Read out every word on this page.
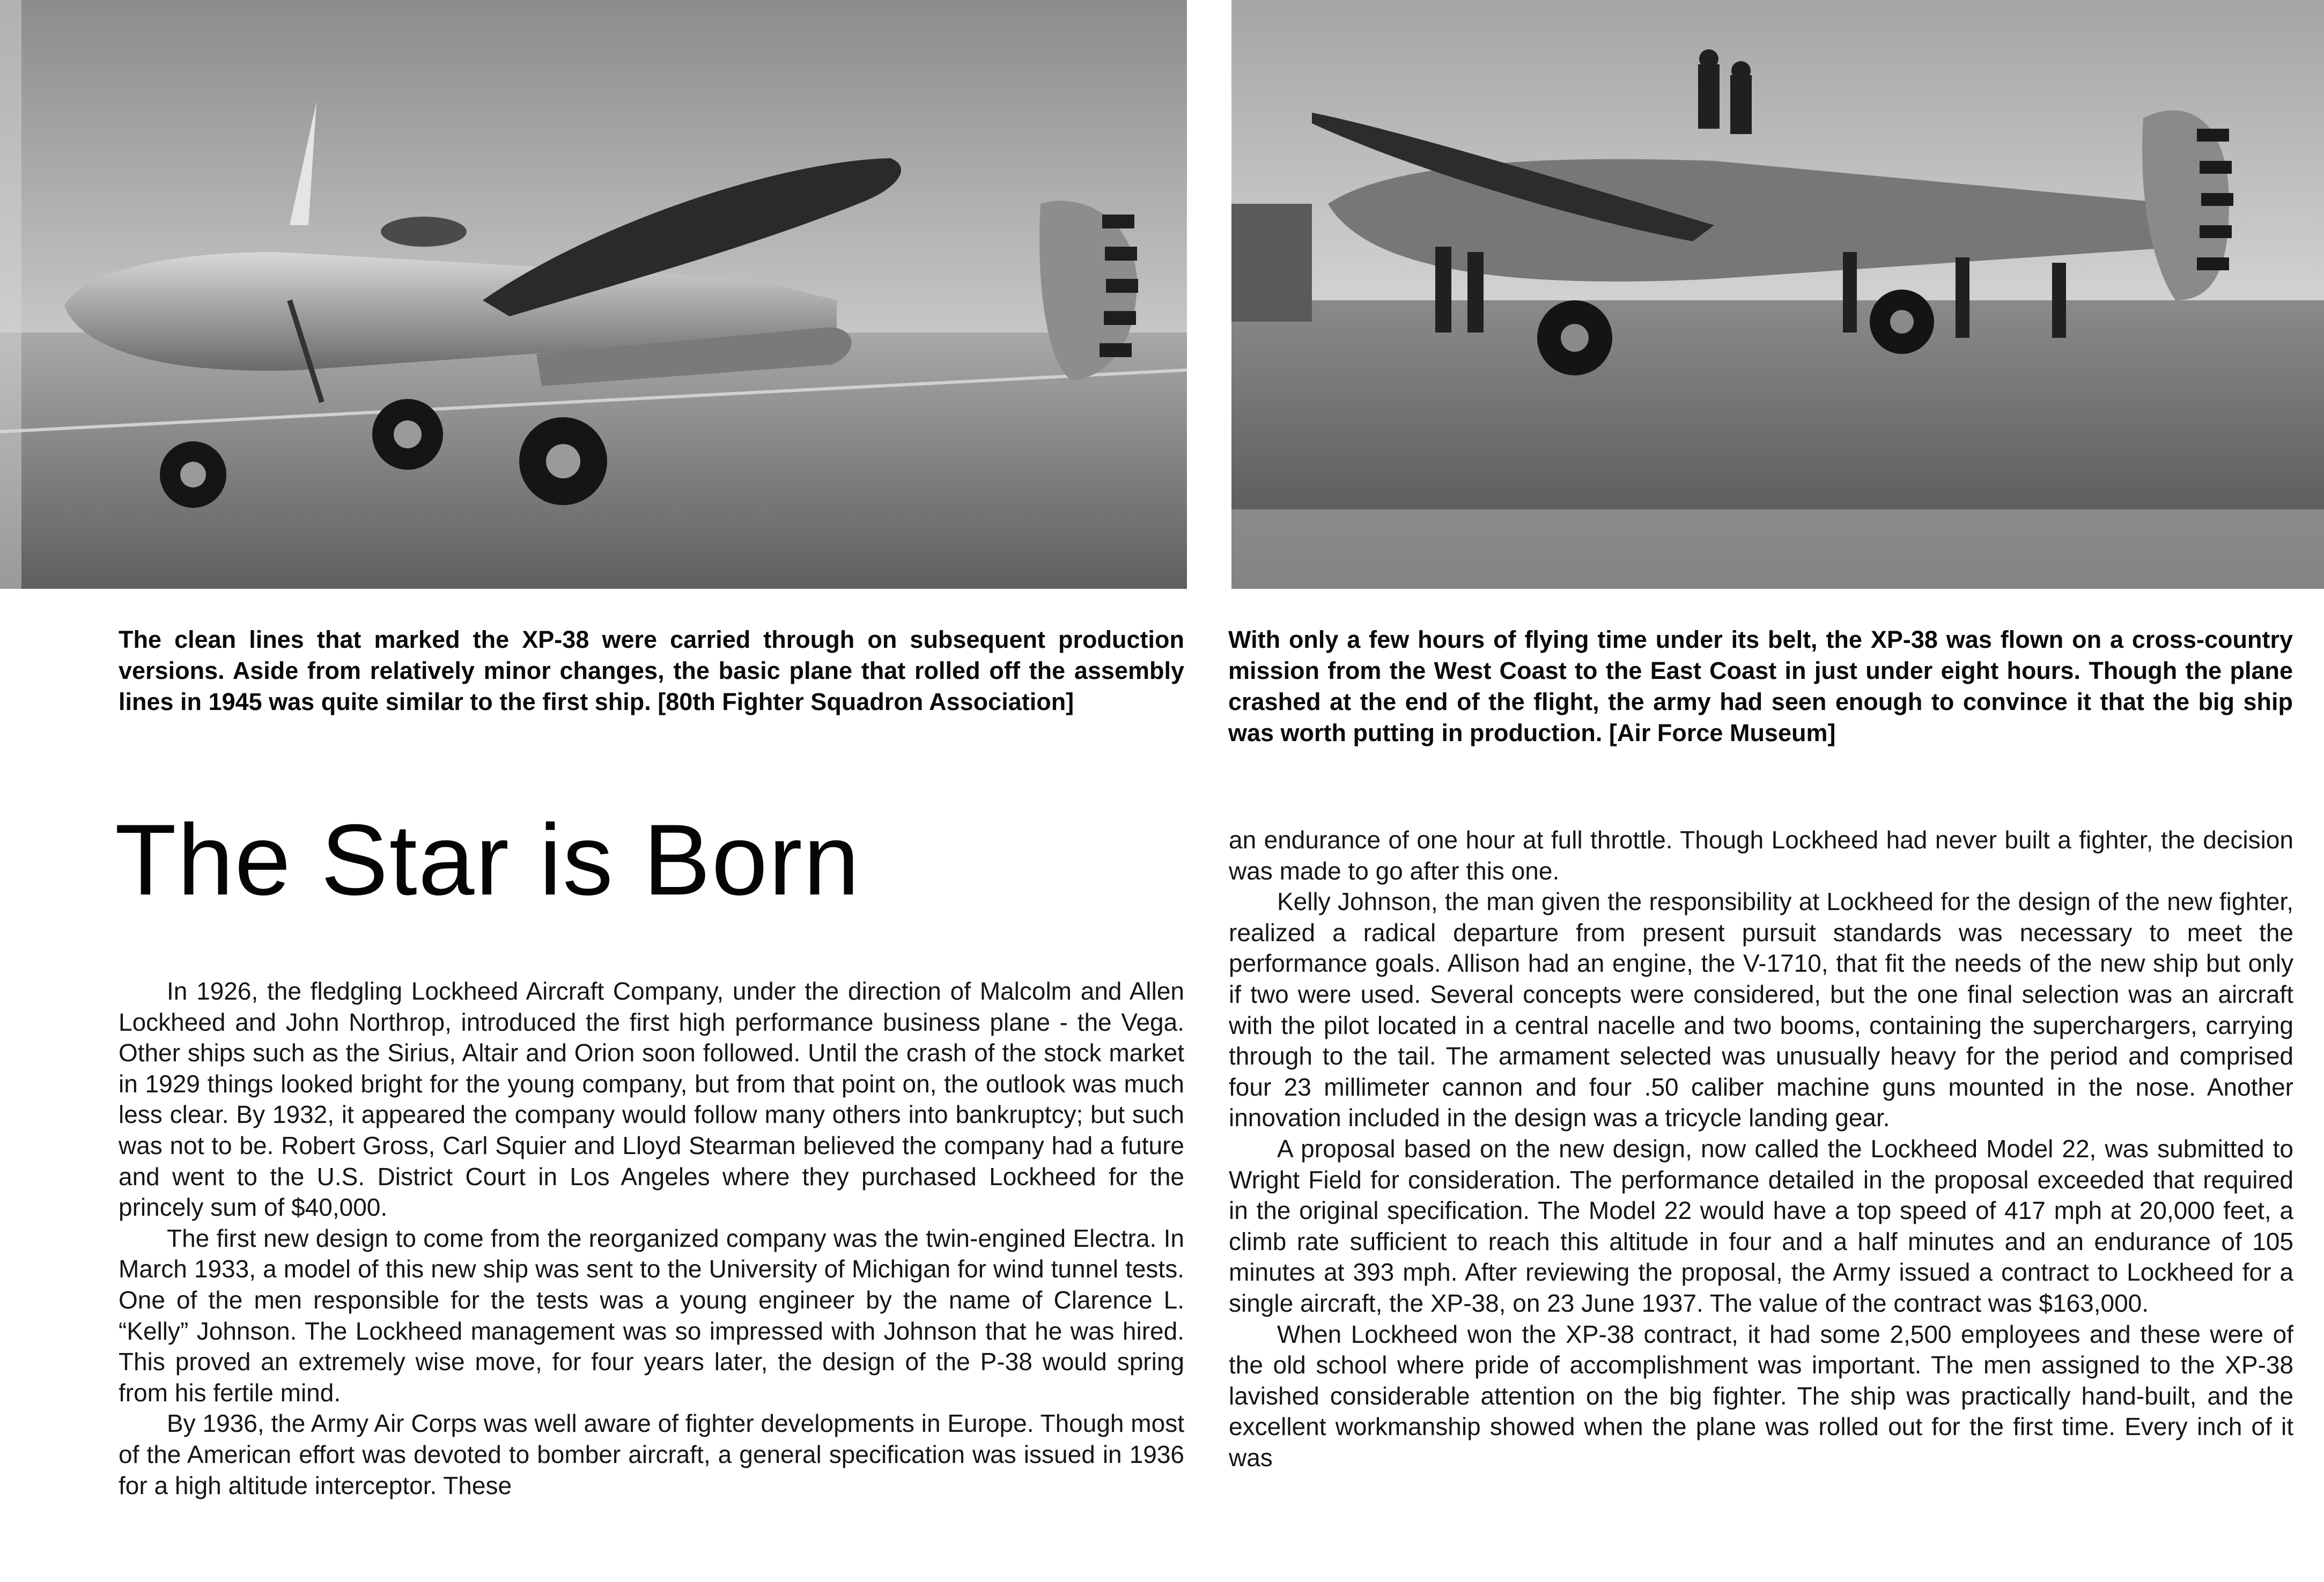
The clean lines that marked the XP-38 were carried through on subsequent production versions. Aside from relatively minor changes, the basic plane that rolled off the assembly lines in 1945 was quite similar to the first ship. [80th Fighter Squadron Association]

With only a few hours of flying time under its belt, the XP-38 was flown on a cross-country mission from the West Coast to the East Coast in just under eight hours. Though the plane crashed at the end of the flight, the army had seen enough to convince it that the big ship was worth putting in production. [Air Force Museum]

The Star is Born

In 1926, the fledgling Lockheed Aircraft Company, under the direction of Malcolm and Allen Lockheed and John Northrop, introduced the first high performance business plane - the Vega. Other ships such as the Sirius, Altair and Orion soon followed. Until the crash of the stock market in 1929 things looked bright for the young company, but from that point on, the outlook was much less clear. By 1932, it appeared the company would follow many others into bankruptcy; but such was not to be. Robert Gross, Carl Squier and Lloyd Stearman believed the company had a future and went to the U.S. District Court in Los Angeles where they purchased Lockheed for the princely sum of $40,000.

The first new design to come from the reorganized company was the twin-engined Electra. In March 1933, a model of this new ship was sent to the University of Michigan for wind tunnel tests. One of the men responsible for the tests was a young engineer by the name of Clarence L. “Kelly” Johnson. The Lockheed management was so impressed with Johnson that he was hired. This proved an extremely wise move, for four years later, the design of the P-38 would spring from his fertile mind.

By 1936, the Army Air Corps was well aware of fighter developments in Europe. Though most of the American effort was devoted to bomber aircraft, a general specification was issued in 1936 for a high altitude interceptor. These

an endurance of one hour at full throttle. Though Lockheed had never built a fighter, the decision was made to go after this one.

Kelly Johnson, the man given the responsibility at Lockheed for the design of the new fighter, realized a radical departure from present pursuit standards was necessary to meet the performance goals. Allison had an engine, the V-1710, that fit the needs of the new ship but only if two were used. Several concepts were considered, but the one final selection was an aircraft with the pilot located in a central nacelle and two booms, containing the superchargers, carrying through to the tail. The armament selected was unusually heavy for the period and comprised four 23 millimeter cannon and four .50 caliber machine guns mounted in the nose. Another innovation included in the design was a tricycle landing gear.

A proposal based on the new design, now called the Lockheed Model 22, was submitted to Wright Field for consideration. The performance detailed in the proposal exceeded that required in the original specification. The Model 22 would have a top speed of 417 mph at 20,000 feet, a climb rate sufficient to reach this altitude in four and a half minutes and an endurance of 105 minutes at 393 mph. After reviewing the proposal, the Army issued a contract to Lockheed for a single aircraft, the XP-38, on 23 June 1937. The value of the contract was $163,000.

When Lockheed won the XP-38 contract, it had some 2,500 employees and these were of the old school where pride of accomplishment was important. The men assigned to the XP-38 lavished considerable attention on the big fighter. The ship was practically hand-built, and the excellent workmanship showed when the plane was rolled out for the first time. Every inch of it was
